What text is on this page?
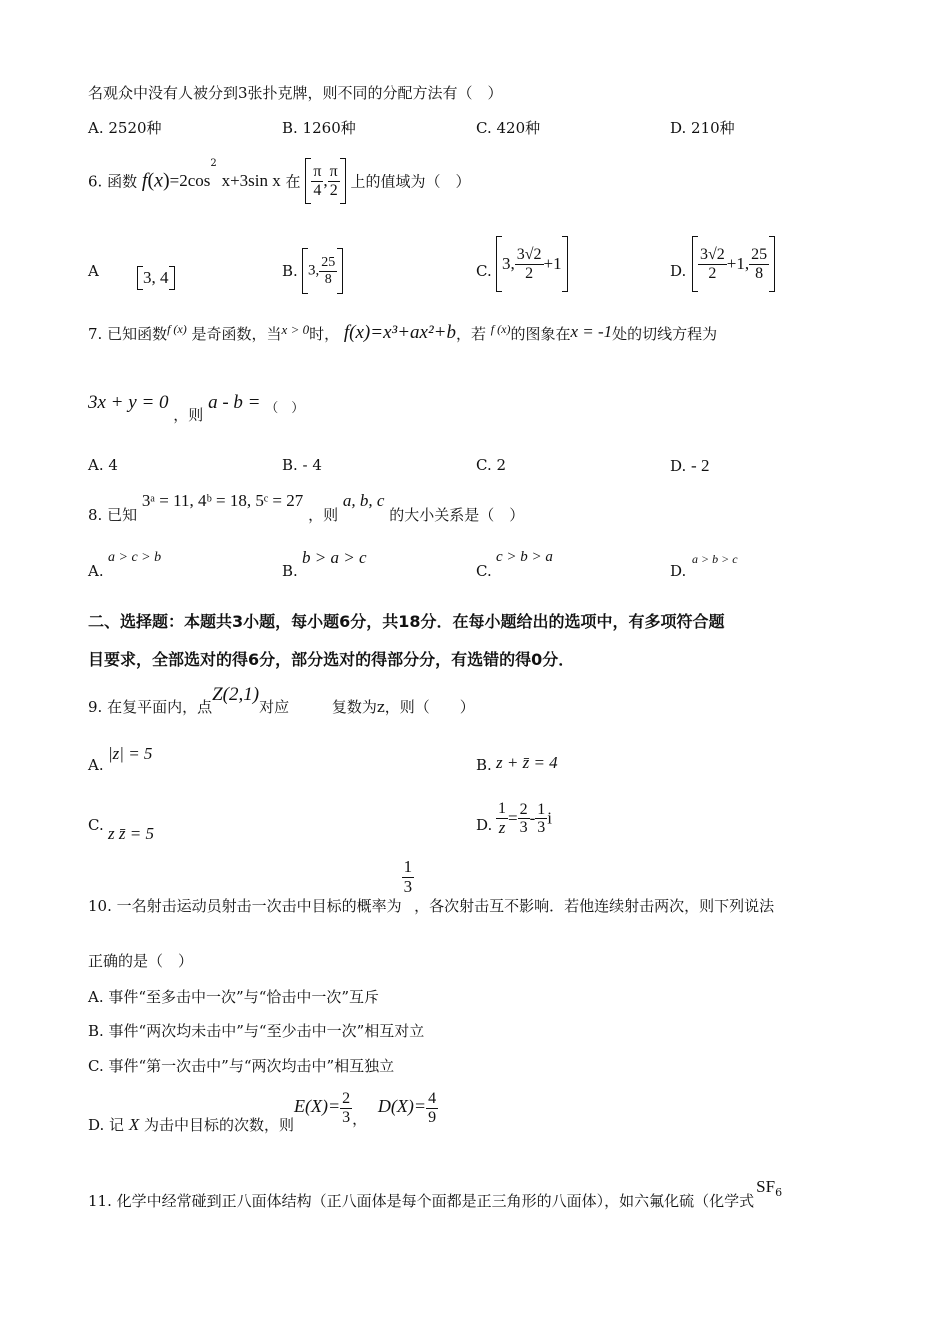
名观众中没有人被分到3张扑克牌，则不同的分配方法有（　）
A. 2520种	B. 1260种	C. 420种	D. 210种
6. 函数 $f(x)=2\cos^2$ x+3sin x 在 $\frac{\pi}{4}$ , $\frac{\pi}{2}$ 上的值域为（　）
A	3, 4	B. 3, $\frac{25}{8}$	C. 3, $\frac{3√2}{2} +1$	D. $\frac{3√2}{2} +1$, $\frac{25}{8}$
7. 已知函数$^{f (x)}$ 是奇函数，当x > 0时， f(x)=x³+ax²+b，若 $^{f (x)}$的图象在x = -1处的切线方程为
3x + y = 0 ，则 a - b = （　）
A. 4	B. - 4	C. 2	D. - 2
8. 已知 3ᵃ = 11, 4ᵇ = 18, 5ᶜ = 27 ，则 a, b, c 的大小关系是（　）
A.
a > c > b
B.
b > a > c
C.
c > b > a
D.
a > b > c
二、选择题：本题共3小题，每小题6分，共18分．在每小题给出的选项中，有多项符合题
目要求，全部选对的得6分，部分选对的得部分分，有选错的得0分．
9. 在复平面内，点Z(2,1)对应	复数为z，则（　　）
A.
|z| = 5
B. z + z̄ = 4
C. z z̄ = 5	D. $\frac{1}{z} = \frac{2}{3} - \frac{1}{3}$ i
10. 一名射击运动员射击一次击中目标的概率为
$\frac{1}{3}$
，各次射击互不影响．若他连续射击两次，则下列说法
正确的是（　）
A. 事件“至多击中一次”与“恰击中一次”互斥
B. 事件“两次均未击中”与“至少击中一次”相互对立
C. 事件“第一次击中”与“两次均击中”相互独立
D. 记 X 为击中目标的次数，则$E(X)= \frac{2}{3}$ ， $D(X)= \frac{4}{9}$
11. 化学中经常碰到正八面体结构（正八面体是每个面都是正三角形的八面体），如六氟化硫（化学式$SF_6$
